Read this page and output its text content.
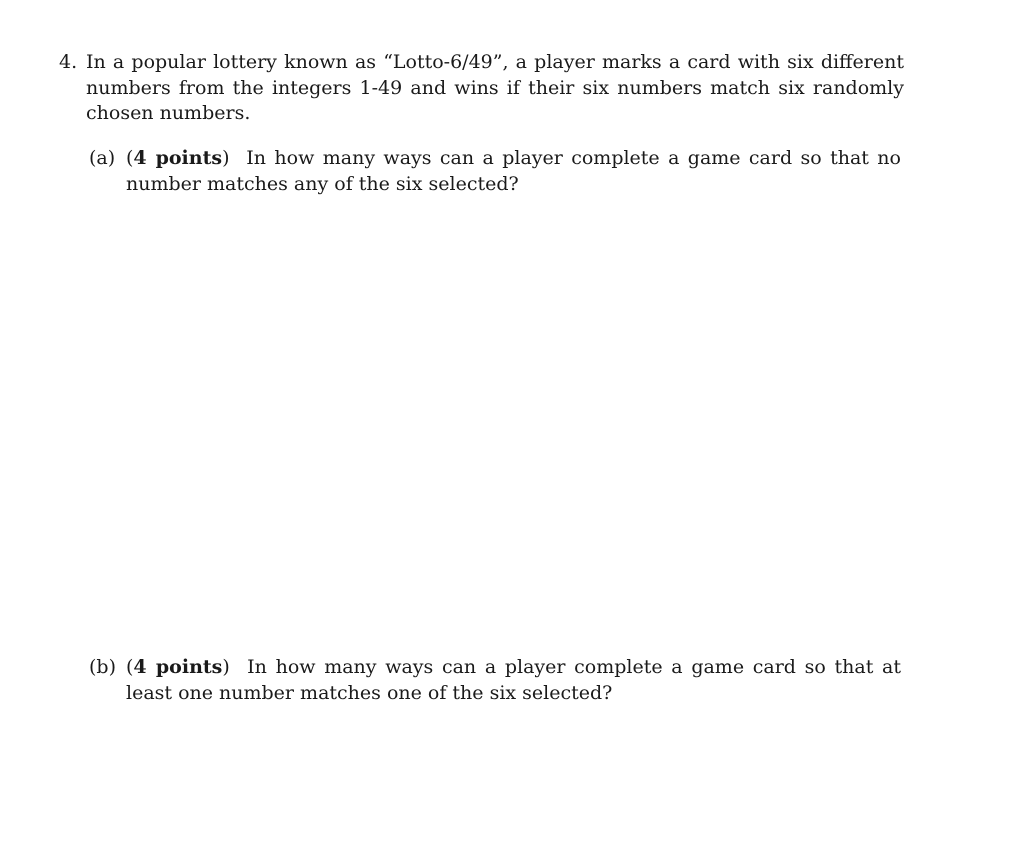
4. In a popular lottery known as “Lotto-6/49”, a player marks a card with six different numbers from the integers 1-49 and wins if their six numbers match six randomly chosen numbers.
(a) (4 points) In how many ways can a player complete a game card so that no number matches any of the six selected?
(b) (4 points) In how many ways can a player complete a game card so that at least one number matches one of the six selected?
